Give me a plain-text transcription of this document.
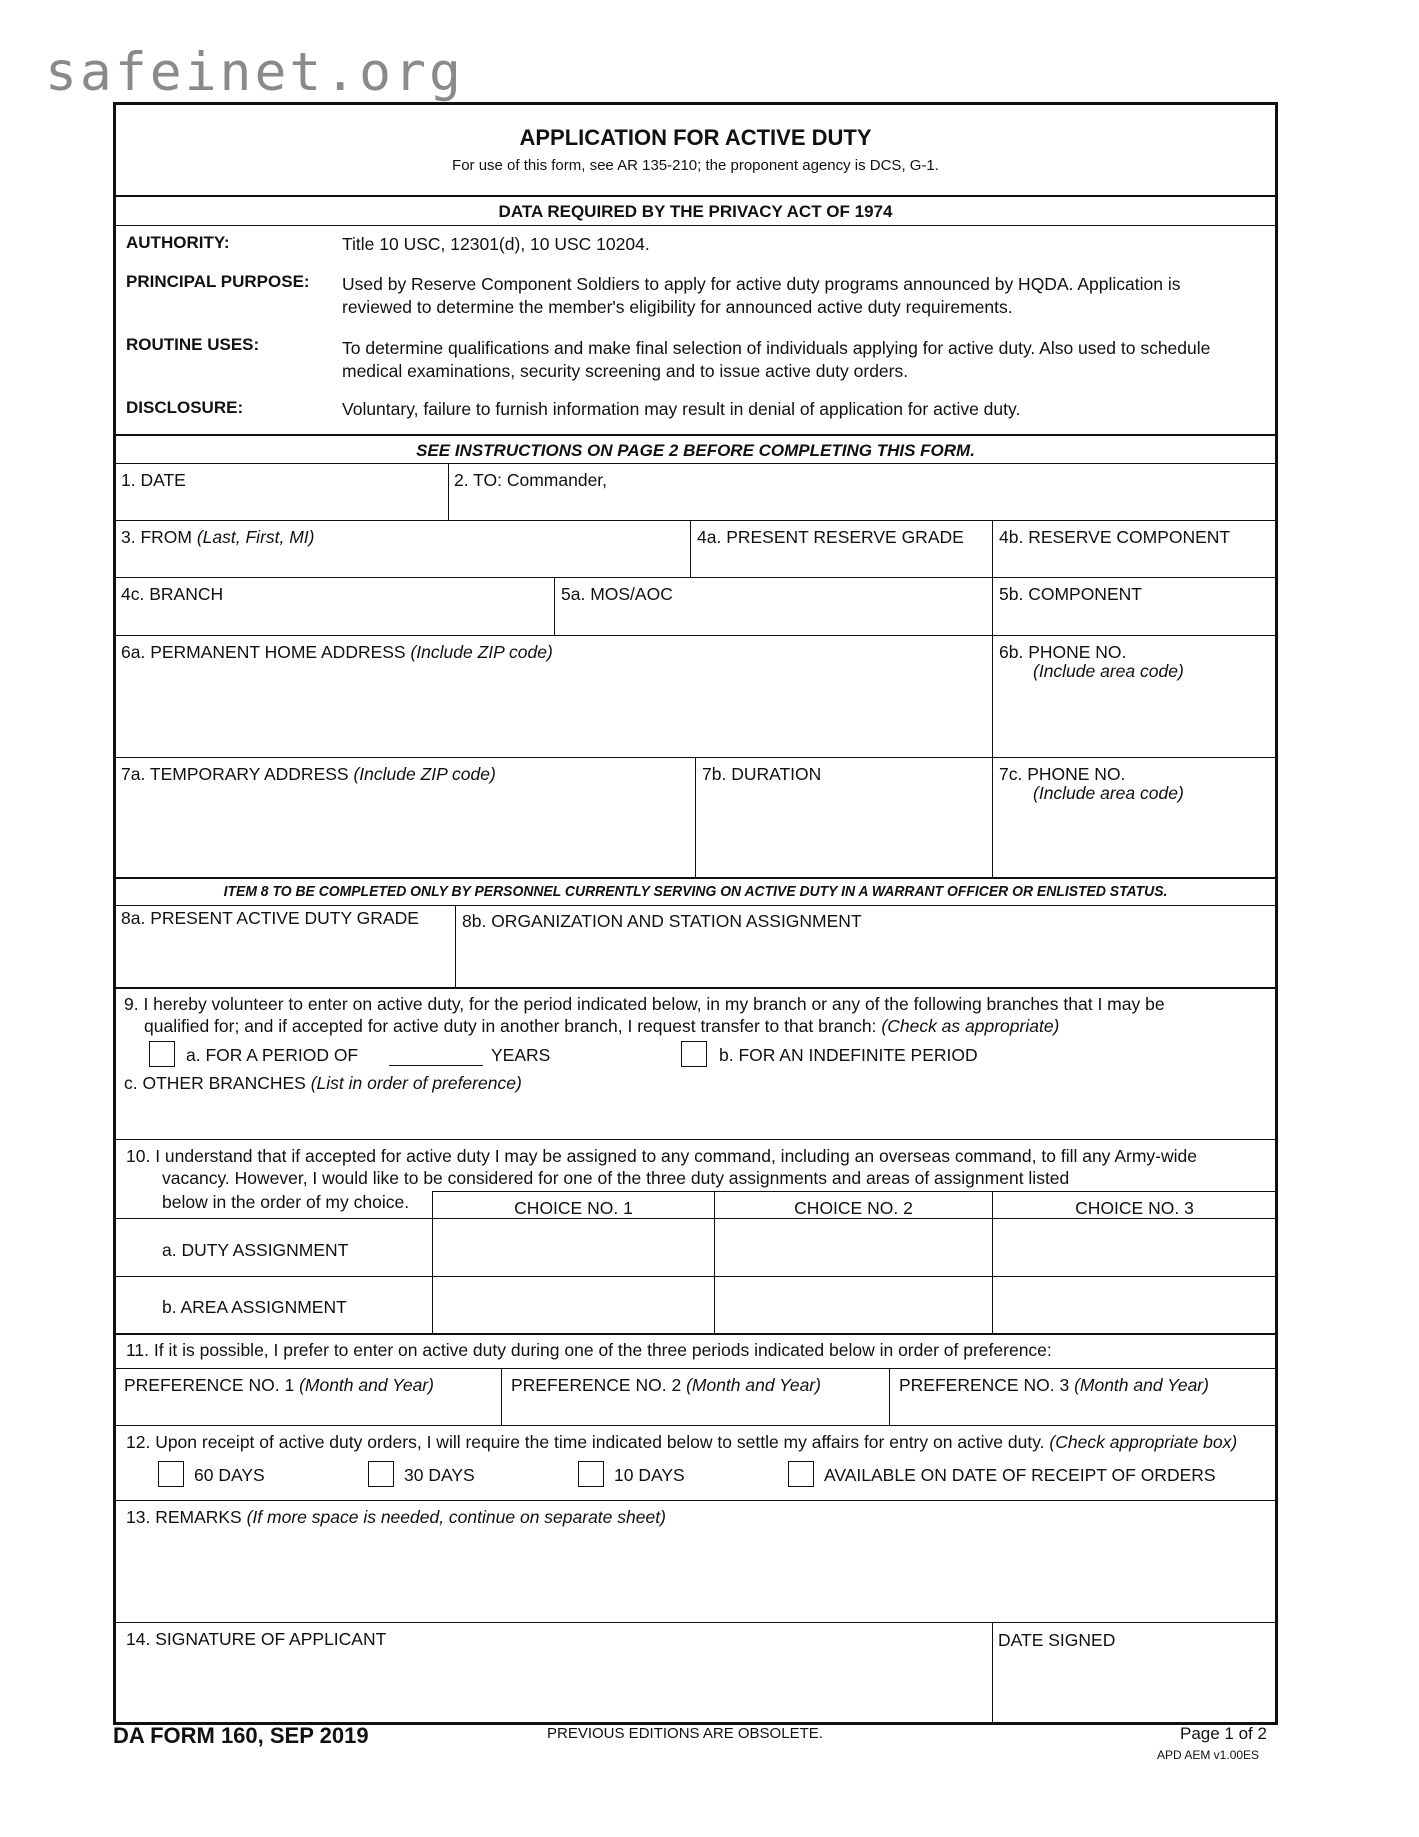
safeinet.org
APPLICATION FOR ACTIVE DUTY
For use of this form, see AR 135-210; the proponent agency is DCS, G-1.
DATA REQUIRED BY THE PRIVACY ACT OF 1974
AUTHORITY:	Title 10 USC, 12301(d), 10 USC 10204.
PRINCIPAL PURPOSE: Used by Reserve Component Soldiers to apply for active duty programs announced by HQDA. Application is reviewed to determine the member's eligibility for announced active duty requirements.
ROUTINE USES:	To determine qualifications and make final selection of individuals applying for active duty. Also used to schedule medical examinations, security screening and to issue active duty orders.
DISCLOSURE:	Voluntary, failure to furnish information may result in denial of application for active duty.
SEE INSTRUCTIONS ON PAGE 2 BEFORE COMPLETING THIS FORM.
1. DATE	2. TO: Commander,
3. FROM (Last, First, MI)	4a. PRESENT RESERVE GRADE 4b. RESERVE COMPONENT
4c. BRANCH	5a. MOS/AOC	5b. COMPONENT
6a. PERMANENT HOME ADDRESS (Include ZIP code)	6b. PHONE NO.
(Include area code)
7a. TEMPORARY ADDRESS (Include ZIP code)	7b. DURATION	7c. PHONE NO.
(Include area code)
ITEM 8 TO BE COMPLETED ONLY BY PERSONNEL CURRENTLY SERVING ON ACTIVE DUTY IN A WARRANT OFFICER OR ENLISTED STATUS.
8a. PRESENT ACTIVE DUTY GRADE 8b. ORGANIZATION AND STATION ASSIGNMENT
9. I hereby volunteer to enter on active duty, for the period indicated below, in my branch or any of the following branches that I may be
qualified for; and if accepted for active duty in another branch, I request transfer to that branch: (Check as appropriate)
a. FOR A PERIOD OF	YEARS	b. FOR AN INDEFINITE PERIOD
c. OTHER BRANCHES (List in order of preference)
10. I understand that if accepted for active duty I may be assigned to any command, including an overseas command, to fill any Army-wide
vacancy. However, I would like to be considered for one of the three duty assignments and areas of assignment listed
below in the order of my choice.	CHOICE NO. 1	CHOICE NO. 2	CHOICE NO. 3
a. DUTY ASSIGNMENT
b. AREA ASSIGNMENT
11. If it is possible, I prefer to enter on active duty during one of the three periods indicated below in order of preference:
PREFERENCE NO. 1 (Month and Year)	PREFERENCE NO. 2 (Month and Year)	PREFERENCE NO. 3 (Month and Year)
12. Upon receipt of active duty orders, I will require the time indicated below to settle my affairs for entry on active duty. (Check appropriate box)
60 DAYS	30 DAYS	10 DAYS	AVAILABLE ON DATE OF RECEIPT OF ORDERS
13. REMARKS (If more space is needed, continue on separate sheet)
14. SIGNATURE OF APPLICANT	DATE SIGNED
DA FORM 160, SEP 2019	PREVIOUS EDITIONS ARE OBSOLETE.	Page 1 of 2
APD AEM v1.00ES
